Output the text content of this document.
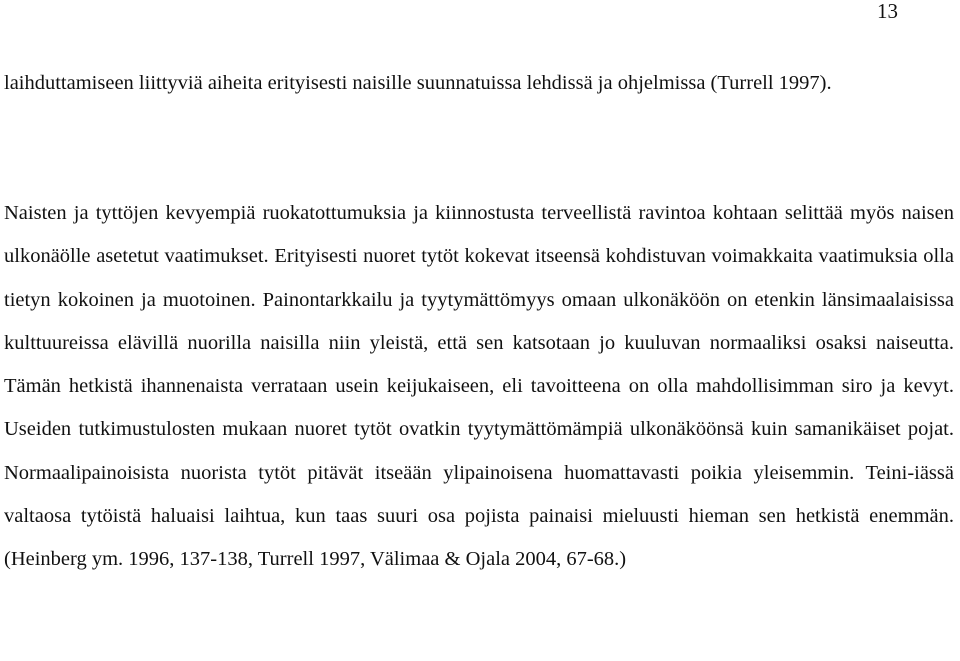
13

laihduttamiseen liittyviä aiheita erityisesti naisille suunnatuissa lehdissä ja ohjelmissa (Turrell 1997).

Naisten ja tyttöjen kevyempiä ruokatottumuksia ja kiinnostusta terveellistä ravintoa kohtaan selittää myös naisen ulkonäölle asetetut vaatimukset. Erityisesti nuoret tytöt kokevat itseensä kohdistuvan voimakkaita vaatimuksia olla tietyn kokoinen ja muotoinen. Painontarkkailu ja tyytymättömyys omaan ulkonäköön on etenkin länsimaalaisissa kulttuureissa elävillä nuorilla naisilla niin yleistä, että sen katsotaan jo kuuluvan normaaliksi osaksi naiseutta. Tämän hetkistä ihannenaista verrataan usein keijukaiseen, eli tavoitteena on olla mahdollisimman siro ja kevyt. Useiden tutkimustulosten mukaan nuoret tytöt ovatkin tyytymättömämpiä ulkonäköönsä kuin samanikäiset pojat. Normaalipainoisista nuorista tytöt pitävät itseään ylipainoisena huomattavasti poikia yleisemmin. Teini-iässä valtaosa tytöistä haluaisi laihtua, kun taas suuri osa pojista painaisi mieluusti hieman sen hetkistä enemmän. (Heinberg ym. 1996, 137-138, Turrell 1997, Välimaa & Ojala 2004, 67-68.)
